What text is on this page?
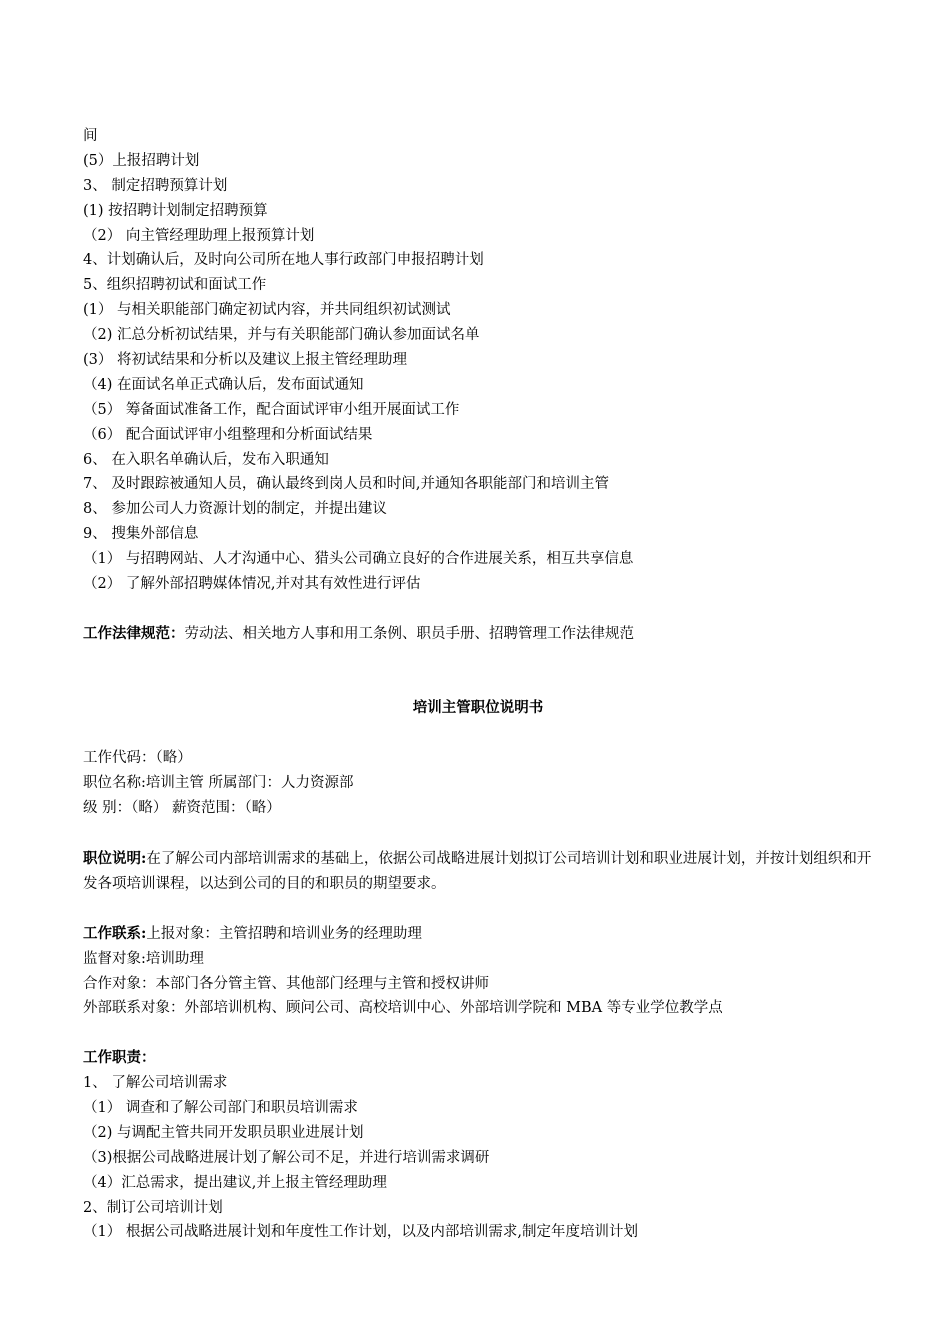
间
(5）上报招聘计划
3、 制定招聘预算计划
(1) 按招聘计划制定招聘预算
（2） 向主管经理助理上报预算计划
4、计划确认后，及时向公司所在地人事行政部门申报招聘计划
5、组织招聘初试和面试工作
(1） 与相关职能部门确定初试内容，并共同组织初试测试
（2) 汇总分析初试结果，并与有关职能部门确认参加面试名单
(3） 将初试结果和分析以及建议上报主管经理助理
（4) 在面试名单正式确认后，发布面试通知
（5） 筹备面试准备工作，配合面试评审小组开展面试工作
（6） 配合面试评审小组整理和分析面试结果
6、 在入职名单确认后，发布入职通知
7、 及时跟踪被通知人员，确认最终到岗人员和时间,并通知各职能部门和培训主管
8、 参加公司人力资源计划的制定，并提出建议
9、 搜集外部信息
（1） 与招聘网站、人才沟通中心、猎头公司确立良好的合作进展关系，相互共享信息
（2） 了解外部招聘媒体情况,并对其有效性进行评估
工作法律规范：劳动法、相关地方人事和用工条例、职员手册、招聘管理工作法律规范
培训主管职位说明书
工作代码：（略）
职位名称:培训主管 所属部门：人力资源部
级 别：（略） 薪资范围：（略）
职位说明:在了解公司内部培训需求的基础上，依据公司战略进展计划拟订公司培训计划和职业进展计划，并按计划组织和开发各项培训课程，以达到公司的目的和职员的期望要求。
工作联系:上报对象：主管招聘和培训业务的经理助理
监督对象:培训助理
合作对象：本部门各分管主管、其他部门经理与主管和授权讲师
外部联系对象：外部培训机构、顾问公司、高校培训中心、外部培训学院和 MBA 等专业学位教学点
工作职责：
1、 了解公司培训需求
（1） 调查和了解公司部门和职员培训需求
（2) 与调配主管共同开发职员职业进展计划
（3)根据公司战略进展计划了解公司不足，并进行培训需求调研
（4）汇总需求，提出建议,并上报主管经理助理
2、制订公司培训计划
（1） 根据公司战略进展计划和年度性工作计划，以及内部培训需求,制定年度培训计划
